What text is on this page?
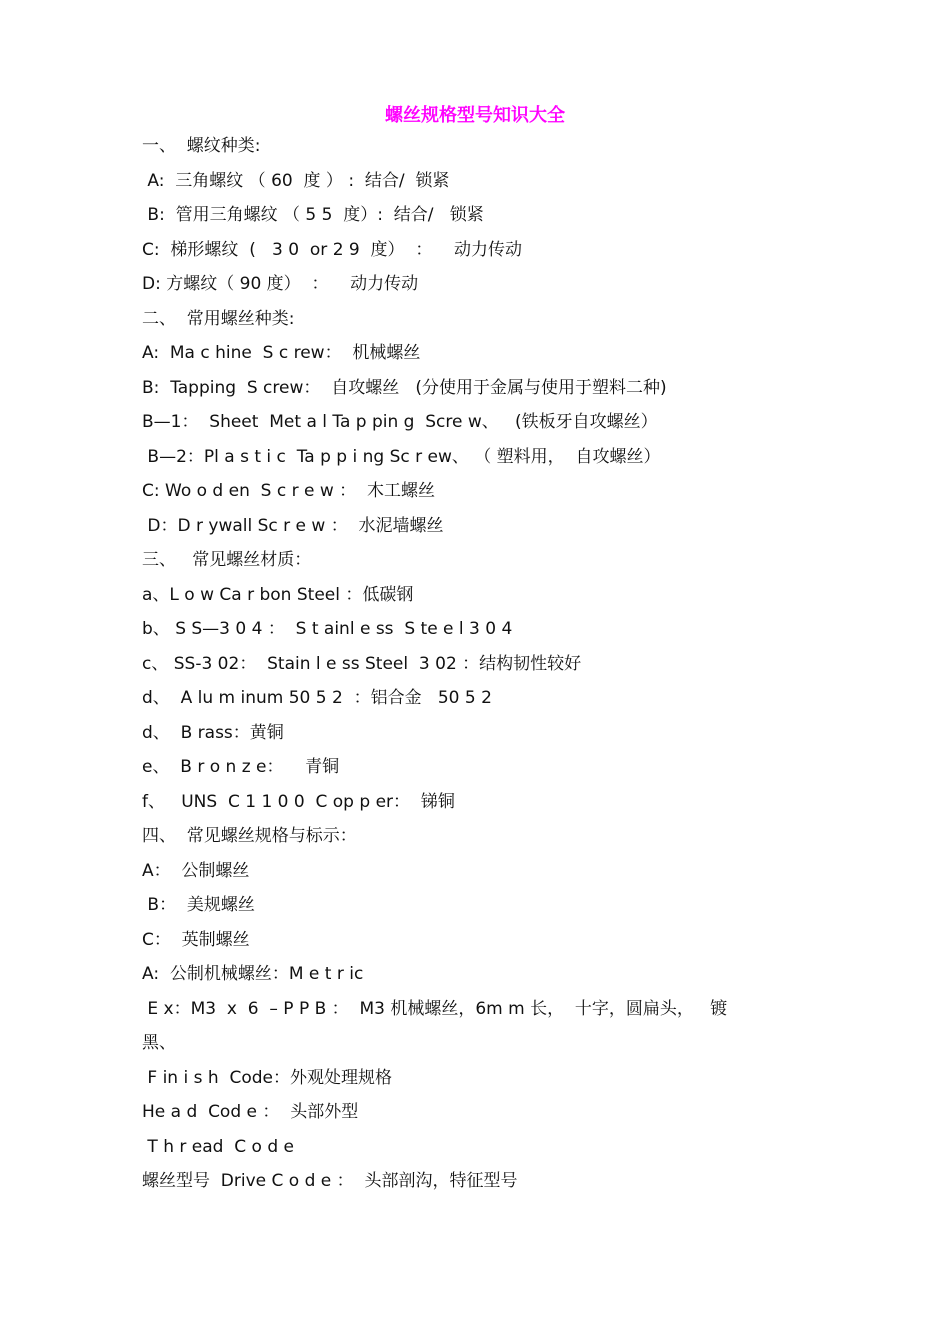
螺丝规格型号知识大全
一、  螺纹种类:
A:  三角螺纹 （ 60  度 ） :  结合/  锁紧
B:  管用三角螺纹 （ 5 5  度）:  结合/   锁紧
C:  梯形螺纹  (   3 0  or 2 9  度）  ：    动力传动
D: 方螺纹（ 90 度）  ：    动力传动
二、  常用螺丝种类:
A:  Ma c hine  S c rew：  机械螺丝
B:  Tapping  S crew：  自攻螺丝   (分使用于金属与使用于塑料二种)
B—1：  Sheet  Met a l Ta p pin g  Scre w、   (铁板牙自攻螺丝）
B—2：Pl a s t i c  Ta p p i ng Sc r ew、 （ 塑料用，  自攻螺丝）
C: Wo o d en  S c r e w ：  木工螺丝
D：D r ywall Sc r e w ：  水泥墙螺丝
三、   常见螺丝材质：
a、L o w Ca r bon Steel ：低碳钢
b、 S S—3 0 4 ：  S t ainl e ss  S te e l 3 0 4
c、 SS-3 02：  Stain l e ss Steel  3 02 ：结构韧性较好
d、  A lu m inum 50 5 2  ：铝合金   50 5 2
d、  B rass：黄铜
e、  B r o n z e：    青铜
f、   UNS  C 1 1 0 0  C op p er：  锑铜
四、  常见螺丝规格与标示：
A：  公制螺丝
B：  美规螺丝
C：  英制螺丝
A:  公制机械螺丝：M e t r ic
E x：M3  x  6  – P P B ：  M3 机械螺丝，6m m 长，  十字，圆扁头，   镀
黑、
F in i s h  Code：外观处理规格
He a d  Cod e ：  头部外型
T h r ead  C o d e
螺丝型号  Drive C o d e ：  头部剖沟，特征型号
